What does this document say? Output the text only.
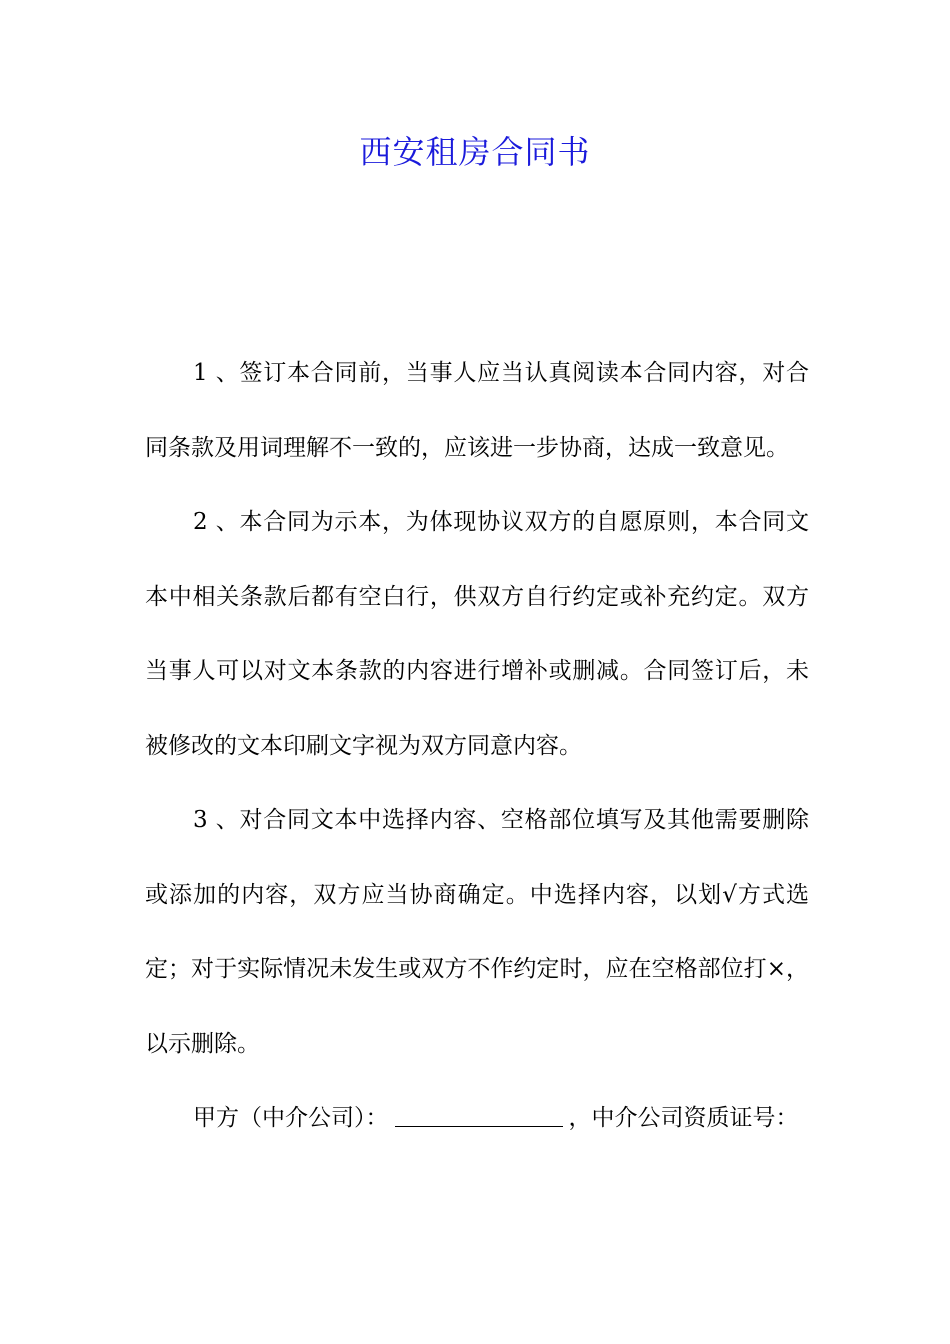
西安租房合同书

1 、签订本合同前，当事人应当认真阅读本合同内容，对合同条款及用词理解不一致的，应该进一步协商，达成一致意见。

2 、本合同为示本，为体现协议双方的自愿原则，本合同文本中相关条款后都有空白行，供双方自行约定或补充约定。双方当事人可以对文本条款的内容进行增补或删减。合同签订后，未被修改的文本印刷文字视为双方同意内容。

3 、对合同文本中选择内容、空格部位填写及其他需要删除或添加的内容，双方应当协商确定。中选择内容，以划√方式选定；对于实际情况未发生或双方不作约定时，应在空格部位打×，以示删除。

甲方（中介公司）：	，中介公司资质证号：
